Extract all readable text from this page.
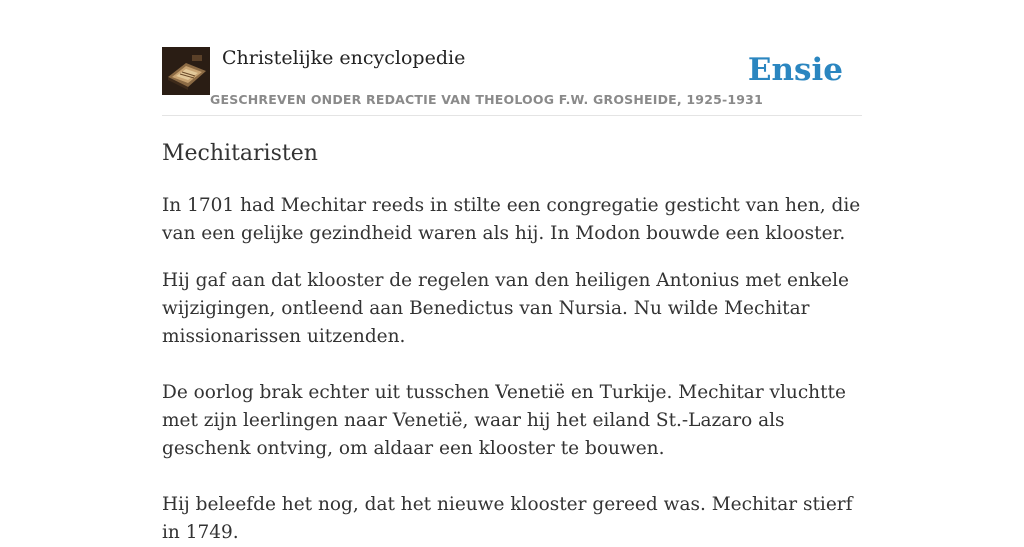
Christelijke encyclopedie
GESCHREVEN ONDER REDACTIE VAN THEOLOOG F.W. GROSHEIDE, 1925-1931
Ensie
Mechitaristen

In 1701 had Mechitar reeds in stilte een congregatie gesticht van hen, die van een gelijke gezindheid waren als hij. In Modon bouwde een klooster.

Hij gaf aan dat klooster de regelen van den heiligen Antonius met enkele wijzigingen, ontleend aan Benedictus van Nursia. Nu wilde Mechitar missionarissen uitzenden.

De oorlog brak echter uit tusschen Venetië en Turkije. Mechitar vluchtte met zijn leerlingen naar Venetië, waar hij het eiland St.-Lazaro als geschenk ontving, om aldaar een klooster te bouwen.

Hij beleefde het nog, dat het nieuwe klooster gereed was. Mechitar stierf in 1749.
